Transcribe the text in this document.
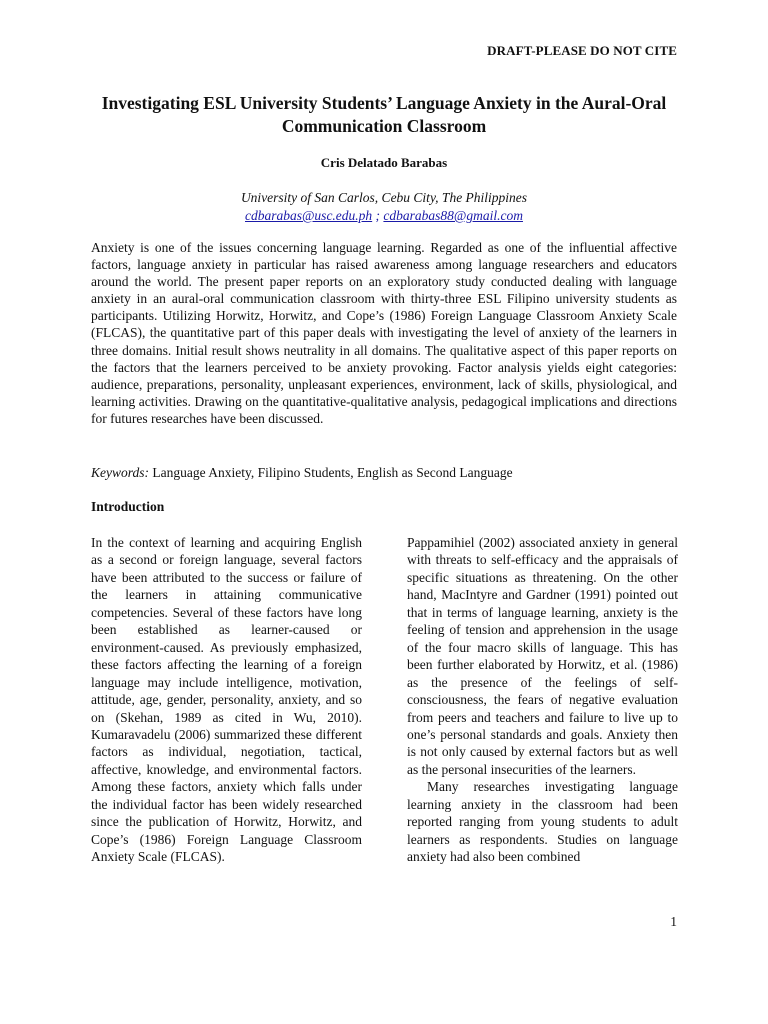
DRAFT-PLEASE DO NOT CITE

Investigating ESL University Students’ Language Anxiety in the Aural-Oral Communication Classroom

Cris Delatado Barabas

University of San Carlos, Cebu City, The Philippines
cdbarabas@usc.edu.ph ; cdbarabas88@gmail.com

Anxiety is one of the issues concerning language learning. Regarded as one of the influential affective factors, language anxiety in particular has raised awareness among language researchers and educators around the world. The present paper reports on an exploratory study conducted dealing with language anxiety in an aural-oral communication classroom with thirty-three ESL Filipino university students as participants. Utilizing Horwitz, Horwitz, and Cope’s (1986) Foreign Language Classroom Anxiety Scale (FLCAS), the quantitative part of this paper deals with investigating the level of anxiety of the learners in three domains. Initial result shows neutrality in all domains. The qualitative aspect of this paper reports on the factors that the learners perceived to be anxiety provoking. Factor analysis yields eight categories: audience, preparations, personality, unpleasant experiences, environment, lack of skills, physiological, and learning activities. Drawing on the quantitative-qualitative analysis, pedagogical implications and directions for futures researches have been discussed.

Keywords: Language Anxiety, Filipino Students, English as Second Language

Introduction

In the context of learning and acquiring English as a second or foreign language, several factors have been attributed to the success or failure of the learners in attaining communicative competencies. Several of these factors have long been established as learner-caused or environment-caused. As previously emphasized, these factors affecting the learning of a foreign language may include intelligence, motivation, attitude, age, gender, personality, anxiety, and so on (Skehan, 1989 as cited in Wu, 2010). Kumaravadelu (2006) summarized these different factors as individual, negotiation, tactical, affective, knowledge, and environmental factors. Among these factors, anxiety which falls under the individual factor has been widely researched since the publication of Horwitz, Horwitz, and Cope’s (1986) Foreign Language Classroom Anxiety Scale (FLCAS).

Pappamihiel (2002) associated anxiety in general with threats to self-efficacy and the appraisals of specific situations as threatening. On the other hand, MacIntyre and Gardner (1991) pointed out that in terms of language learning, anxiety is the feeling of tension and apprehension in the usage of the four macro skills of language. This has been further elaborated by Horwitz, et al. (1986) as the presence of the feelings of self-consciousness, the fears of negative evaluation from peers and teachers and failure to live up to one’s personal standards and goals. Anxiety then is not only caused by external factors but as well as the personal insecurities of the learners.

Many researches investigating language learning anxiety in the classroom had been reported ranging from young students to adult learners as respondents. Studies on language anxiety had also been combined

1
